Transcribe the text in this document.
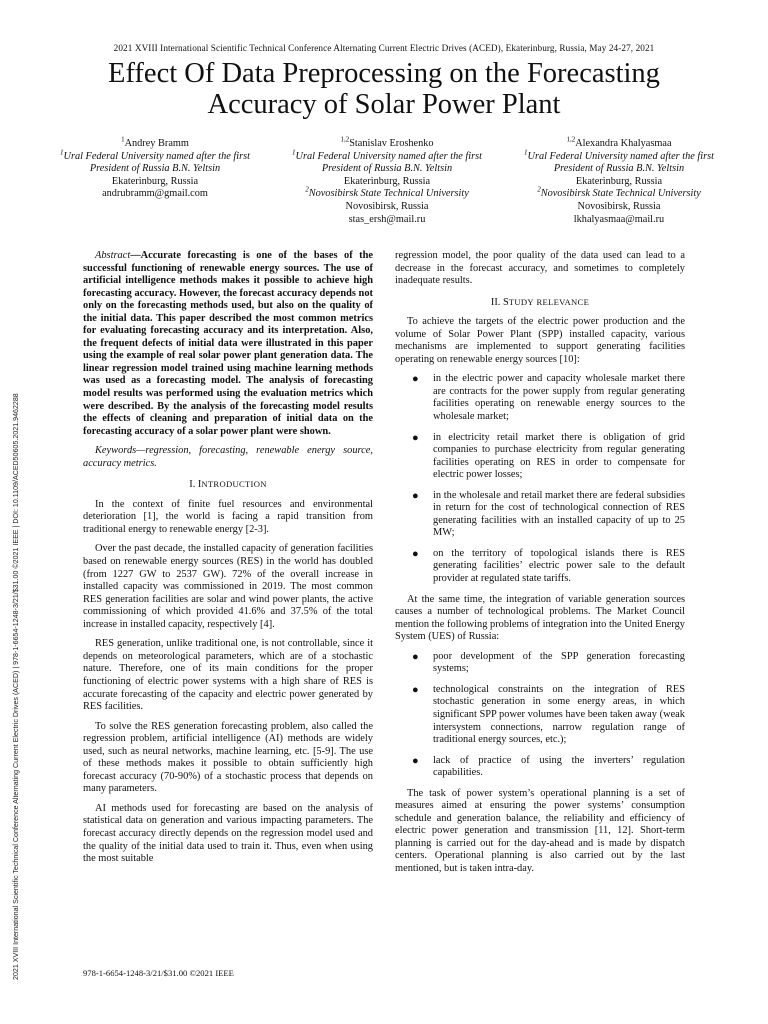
2021 XVIII International Scientific Technical Conference Alternating Current Electric Drives (ACED), Ekaterinburg, Russia, May 24-27, 2021
Effect Of Data Preprocessing on the Forecasting Accuracy of Solar Power Plant
$^1$Andrey Bramm
$^1$Ural Federal University named after the first President of Russia B.N. Yeltsin
Ekaterinburg, Russia
andrubramm@gmail.com
$^{1,2}$Stanislav Eroshenko
$^1$Ural Federal University named after the first President of Russia B.N. Yeltsin
Ekaterinburg, Russia
$^2$Novosibirsk State Technical University
Novosibirsk, Russia
stas_ersh@mail.ru
$^{1,2}$Alexandra Khalyasmaa
$^1$Ural Federal University named after the first President of Russia B.N. Yeltsin
Ekaterinburg, Russia
$^2$Novosibirsk State Technical University
Novosibirsk, Russia
lkhalyasmaa@mail.ru

Abstract—Accurate forecasting is one of the bases of the successful functioning of renewable energy sources. The use of artificial intelligence methods makes it possible to achieve high forecasting accuracy. However, the forecast accuracy depends not only on the forecasting methods used, but also on the quality of the initial data. This paper described the most common metrics for evaluating forecasting accuracy and its interpretation. Also, the frequent defects of initial data were illustrated in this paper using the example of real solar power plant generation data. The linear regression model trained using machine learning methods was used as a forecasting model. The analysis of forecasting model results was performed using the evaluation metrics which were described. By the analysis of the forecasting model results the effects of cleaning and preparation of initial data on the forecasting accuracy of a solar power plant were shown.

Keywords—regression, forecasting, renewable energy source, accuracy metrics.

I. INTRODUCTION

In the context of finite fuel resources and environmental deterioration [1], the world is facing a rapid transition from traditional energy to renewable energy [2-3].

Over the past decade, the installed capacity of generation facilities based on renewable energy sources (RES) in the world has doubled (from 1227 GW to 2537 GW). 72% of the overall increase in installed capacity was commissioned in 2019. The most common RES generation facilities are solar and wind power plants, the active commissioning of which provided 41.6% and 37.5% of the total increase in installed capacity, respectively [4].

RES generation, unlike traditional one, is not controllable, since it depends on meteorological parameters, which are of a stochastic nature. Therefore, one of its main conditions for the proper functioning of electric power systems with a high share of RES is accurate forecasting of the capacity and electric power generated by RES facilities.

To solve the RES generation forecasting problem, also called the regression problem, artificial intelligence (AI) methods are widely used, such as neural networks, machine learning, etc. [5-9]. The use of these methods makes it possible to obtain sufficiently high forecast accuracy (70-90%) of a stochastic process that depends on many parameters.

AI methods used for forecasting are based on the analysis of statistical data on generation and various impacting parameters. The forecast accuracy directly depends on the regression model used and the quality of the initial data used to train it. Thus, even when using the most suitable

regression model, the poor quality of the data used can lead to a decrease in the forecast accuracy, and sometimes to completely inadequate results.

II. STUDY RELEVANCE

To achieve the targets of the electric power production and the volume of Solar Power Plant (SPP) installed capacity, various mechanisms are implemented to support generating facilities operating on renewable energy sources [10]:

● in the electric power and capacity wholesale market there are contracts for the power supply from regular generating facilities operating on renewable energy sources to the wholesale market;
● in electricity retail market there is obligation of grid companies to purchase electricity from regular generating facilities operating on RES in order to compensate for electric power losses;
● in the wholesale and retail market there are federal subsidies in return for the cost of technological connection of RES generating facilities with an installed capacity of up to 25 MW;
● on the territory of topological islands there is RES generating facilities’ electric power sale to the default provider at regulated state tariffs.

At the same time, the integration of variable generation sources causes a number of technological problems. The Market Council mention the following problems of integration into the United Energy System (UES) of Russia:

● poor development of the SPP generation forecasting systems;
● technological constraints on the integration of RES stochastic generation in some energy areas, in which significant SPP power volumes have been taken away (weak intersystem connections, narrow regulation range of traditional energy sources, etc.);
● lack of practice of using the inverters’ regulation capabilities.

The task of power system’s operational planning is a set of measures aimed at ensuring the power systems’ consumption schedule and generation balance, the reliability and efficiency of electric power generation and transmission [11, 12]. Short-term planning is carried out for the day-ahead and is made by dispatch centers. Operational planning is also carried out by the last mentioned, but is taken intra-day.

2021 XVIII International Scientific Technical Conference Alternating Current Electric Drives (ACED) | 978-1-6654-1248-3/21/$31.00 ©2021 IEEE | DOI: 10.1109/ACED50605.2021.9462288	978-1-6654-1248-3/21/$31.00 ©2021 IEEE
